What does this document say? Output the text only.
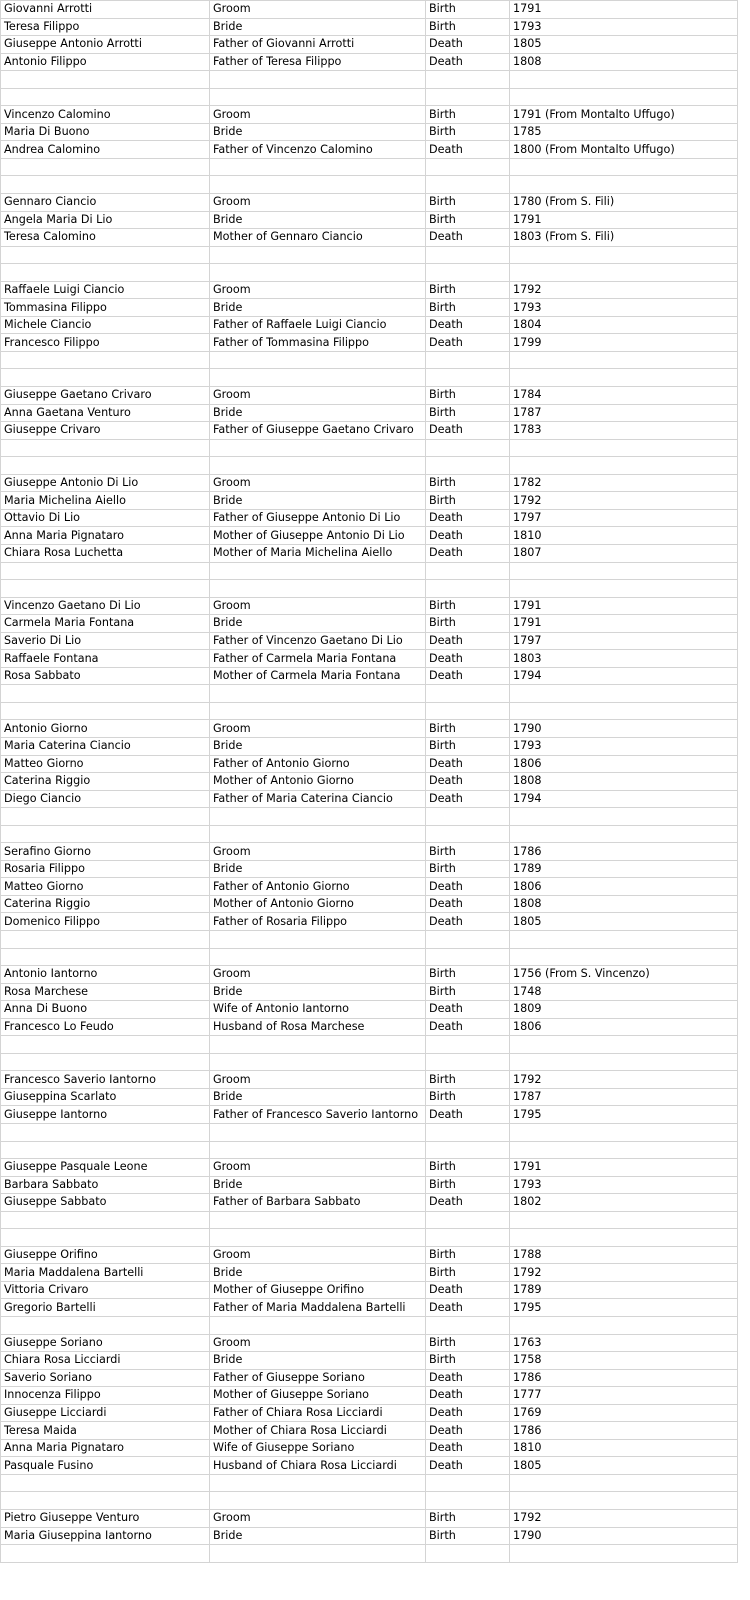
Giovanni Arrotti	Groom	Birth	1791
Teresa Filippo	Bride	Birth	1793
Giuseppe Antonio Arrotti	Father of Giovanni Arrotti	Death	1805
Antonio Filippo	Father of Teresa Filippo	Death	1808

Vincenzo Calomino	Groom	Birth	1791 (From Montalto Uffugo)
Maria Di Buono	Bride	Birth	1785
Andrea Calomino	Father of Vincenzo Calomino	Death	1800 (From Montalto Uffugo)

Gennaro Ciancio	Groom	Birth	1780 (From S. Fili)
Angela Maria Di Lio	Bride	Birth	1791
Teresa Calomino	Mother of Gennaro Ciancio	Death	1803 (From S. Fili)

Raffaele Luigi Ciancio	Groom	Birth	1792
Tommasina Filippo	Bride	Birth	1793
Michele Ciancio	Father of Raffaele Luigi Ciancio	Death	1804
Francesco Filippo	Father of Tommasina Filippo	Death	1799

Giuseppe Gaetano Crivaro	Groom	Birth	1784
Anna Gaetana Venturo	Bride	Birth	1787
Giuseppe Crivaro	Father of Giuseppe Gaetano Crivaro	Death	1783

Giuseppe Antonio Di Lio	Groom	Birth	1782
Maria Michelina Aiello	Bride	Birth	1792
Ottavio Di Lio	Father of Giuseppe Antonio Di Lio	Death	1797
Anna Maria Pignataro	Mother of Giuseppe Antonio Di Lio	Death	1810
Chiara Rosa Luchetta	Mother of Maria Michelina Aiello	Death	1807

Vincenzo Gaetano Di Lio	Groom	Birth	1791
Carmela Maria Fontana	Bride	Birth	1791
Saverio Di Lio	Father of Vincenzo Gaetano Di Lio	Death	1797
Raffaele Fontana	Father of Carmela Maria Fontana	Death	1803
Rosa Sabbato	Mother of Carmela Maria Fontana	Death	1794

Antonio Giorno	Groom	Birth	1790
Maria Caterina Ciancio	Bride	Birth	1793
Matteo Giorno	Father of Antonio Giorno	Death	1806
Caterina Riggio	Mother of Antonio Giorno	Death	1808
Diego Ciancio	Father of Maria Caterina Ciancio	Death	1794

Serafino Giorno	Groom	Birth	1786
Rosaria Filippo	Bride	Birth	1789
Matteo Giorno	Father of Antonio Giorno	Death	1806
Caterina Riggio	Mother of Antonio Giorno	Death	1808
Domenico Filippo	Father of Rosaria Filippo	Death	1805

Antonio Iantorno	Groom	Birth	1756 (From S. Vincenzo)
Rosa Marchese	Bride	Birth	1748
Anna Di Buono	Wife of Antonio Iantorno	Death	1809
Francesco Lo Feudo	Husband of Rosa Marchese	Death	1806

Francesco Saverio Iantorno	Groom	Birth	1792
Giuseppina Scarlato	Bride	Birth	1787
Giuseppe Iantorno	Father of Francesco Saverio Iantorno	Death	1795

Giuseppe Pasquale Leone	Groom	Birth	1791
Barbara Sabbato	Bride	Birth	1793
Giuseppe Sabbato	Father of Barbara Sabbato	Death	1802

Giuseppe Orifino	Groom	Birth	1788
Maria Maddalena Bartelli	Bride	Birth	1792
Vittoria Crivaro	Mother of Giuseppe Orifino	Death	1789
Gregorio Bartelli	Father of Maria Maddalena Bartelli	Death	1795

Giuseppe Soriano	Groom	Birth	1763
Chiara Rosa Licciardi	Bride	Birth	1758
Saverio Soriano	Father of Giuseppe Soriano	Death	1786
Innocenza Filippo	Mother of Giuseppe Soriano	Death	1777
Giuseppe Licciardi	Father of Chiara Rosa Licciardi	Death	1769
Teresa Maida	Mother of Chiara Rosa Licciardi	Death	1786
Anna Maria Pignataro	Wife of Giuseppe Soriano	Death	1810
Pasquale Fusino	Husband of Chiara Rosa Licciardi	Death	1805

Pietro Giuseppe Venturo	Groom	Birth	1792
Maria Giuseppina Iantorno	Bride	Birth	1790
